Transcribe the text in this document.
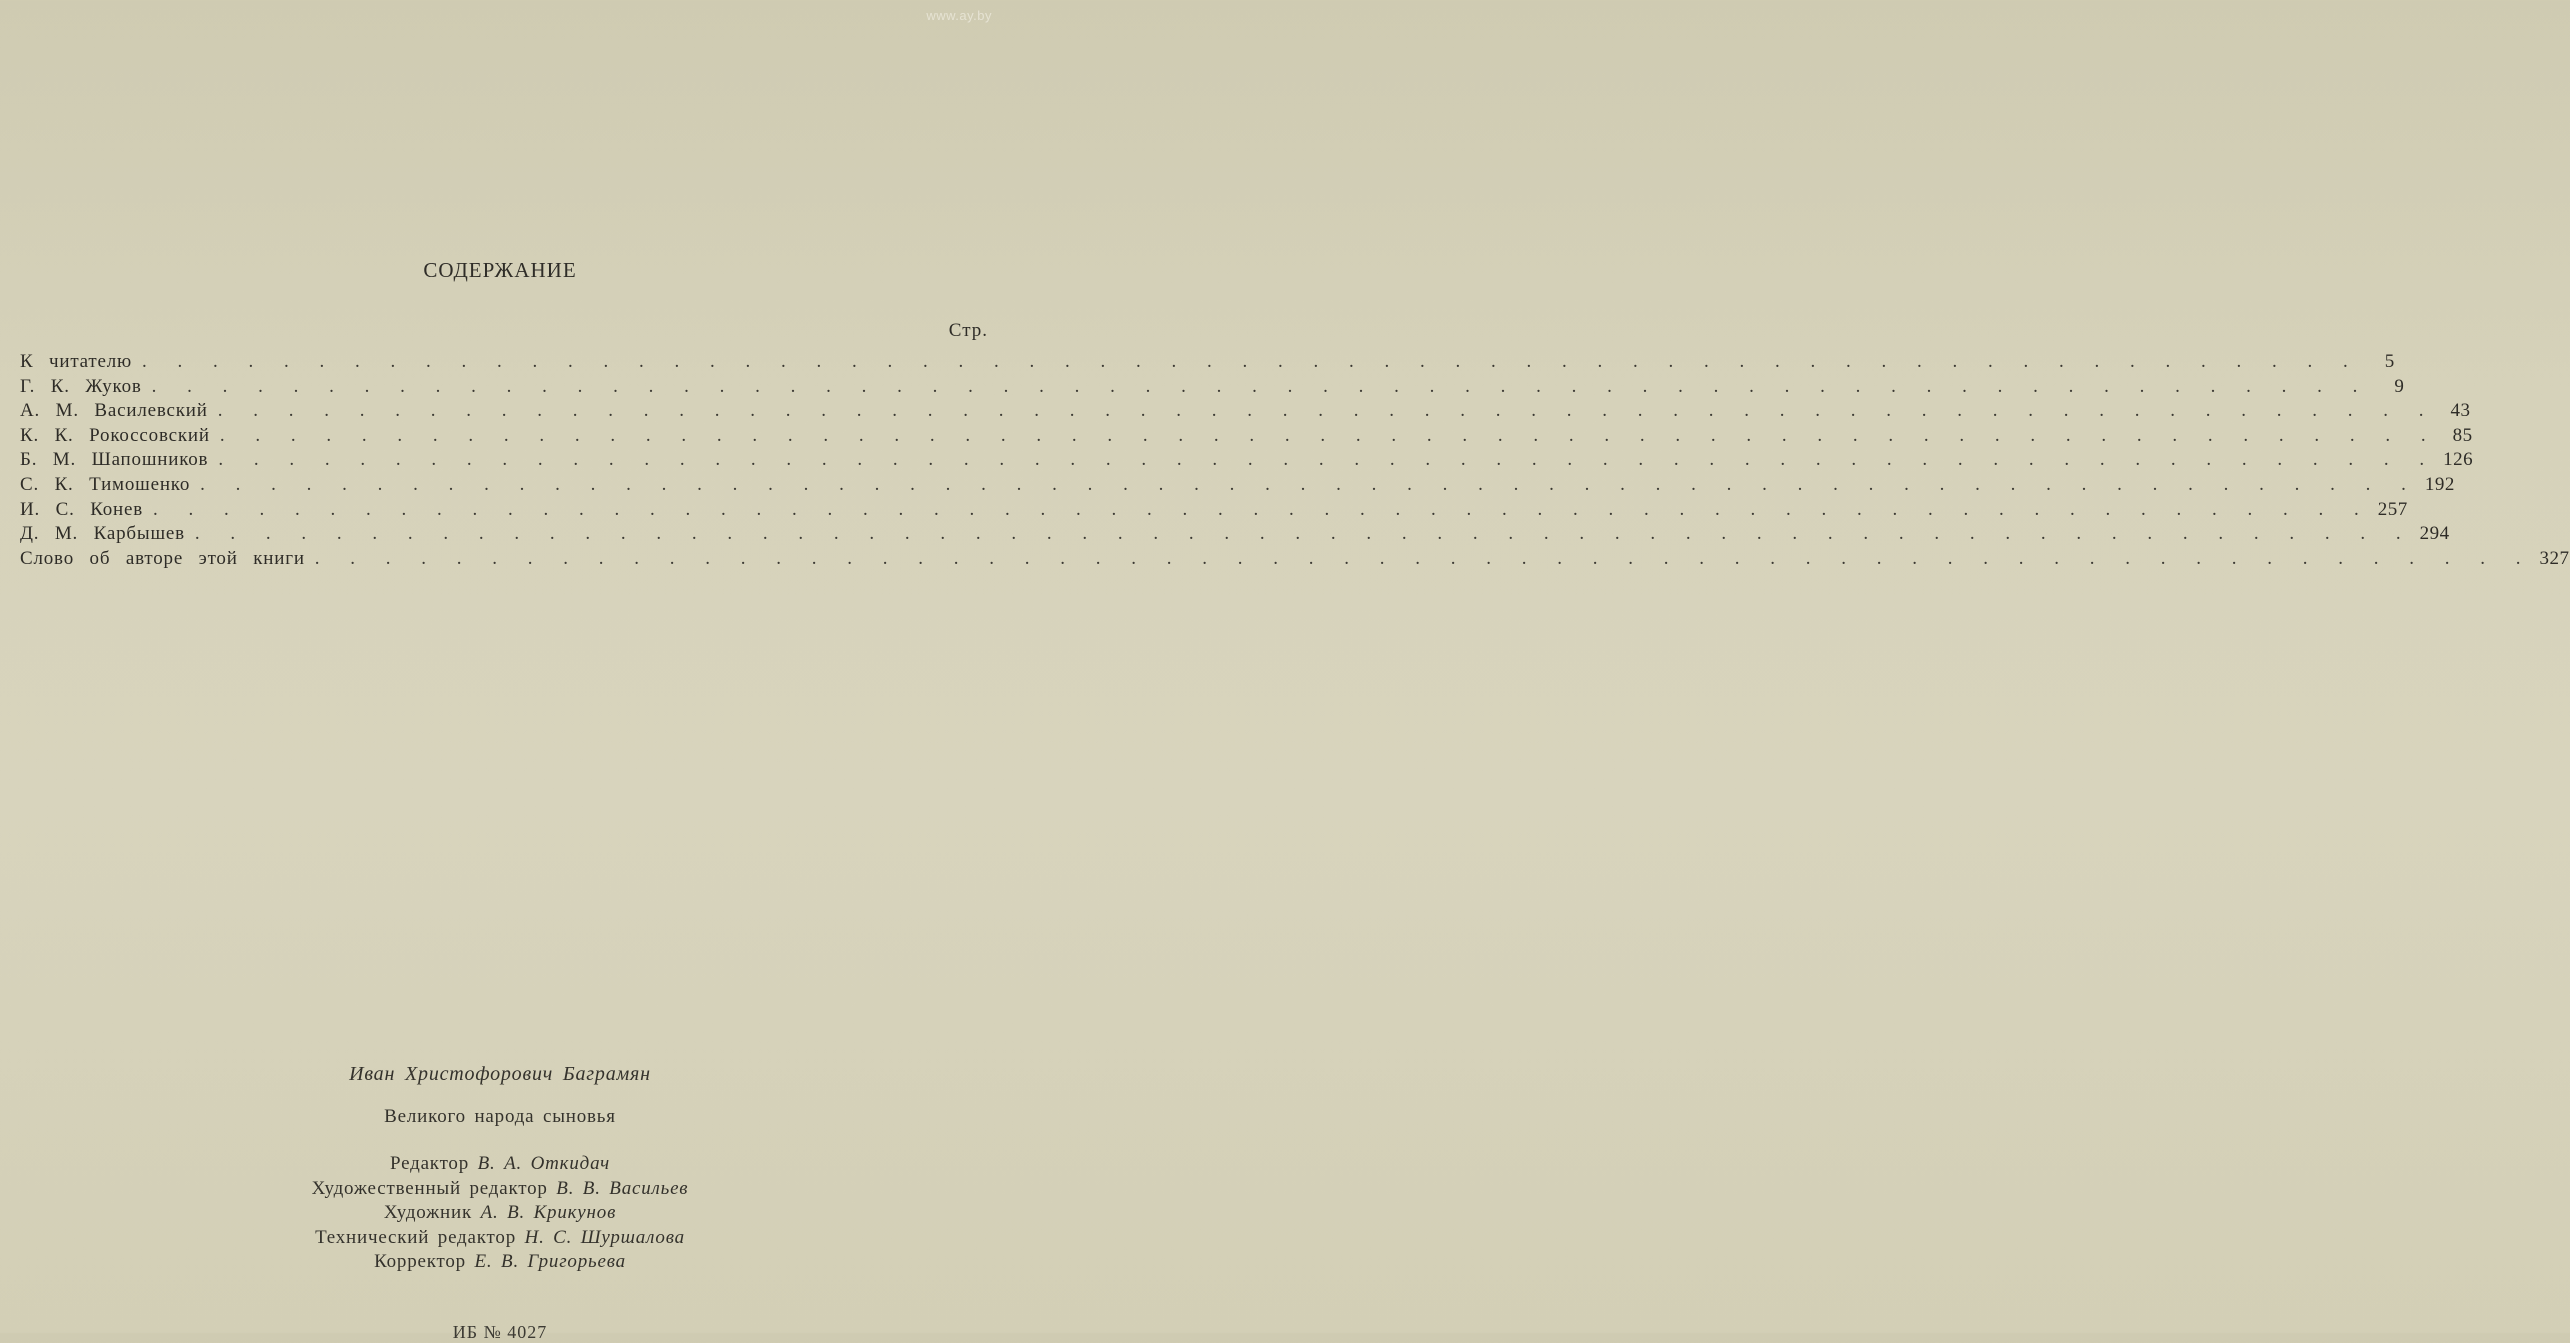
www.ay.by
СОДЕРЖАНИЕ
Стр.
К читателю . . . . . . . . . . . . . . . . . . . . . . . . . . . . . . . . . . . . . . . . . . . . . . . . . . . . . . . . . . . . . . .	5
Г. К. Жуков . . . . . . . . . . . . . . . . . . . . . . . . . . . . . . . . . . . . . . . . . . . . . . . . . . . . . . . . . . . . . . .	9
А. М. Василевский . . . . . . . . . . . . . . . . . . . . . . . . . . . . . . . . . . . . . . . . . . . . . . . . . . . . . . . . . . . . . . . 43
К. К. Рокоссовский . . . . . . . . . . . . . . . . . . . . . . . . . . . . . . . . . . . . . . . . . . . . . . . . . . . . . . . . . . . . . . . 85
Б. М. Шапошников . . . . . . . . . . . . . . . . . . . . . . . . . . . . . . . . . . . . . . . . . . . . . . . . . . . . . . . . . . . . . . . 126
С. К. Тимошенко . . . . . . . . . . . . . . . . . . . . . . . . . . . . . . . . . . . . . . . . . . . . . . . . . . . . . . . . . . . . . . . 192
И. С. Конев . . . . . . . . . . . . . . . . . . . . . . . . . . . . . . . . . . . . . . . . . . . . . . . . . . . . . . . . . . . . . . . 257
Д. М. Карбышев . . . . . . . . . . . . . . . . . . . . . . . . . . . . . . . . . . . . . . . . . . . . . . . . . . . . . . . . . . . . . . . 294
Слово об авторе этой книги . . . . . . . . . . . . . . . . . . . . . . . . . . . . . . . . . . . . . . . . . . . . . . . . . . . . . . . . . . . . . . . 327
Иван Христофорович Баграмян
Великого народа сыновья
Редактор В. А. Откидач
Художественный редактор В. В. Васильев
Художник А. В. Крикунов
Технический редактор Н. С. Шуршалова
Корректор Е. В. Григорьева
ИБ № 4027
